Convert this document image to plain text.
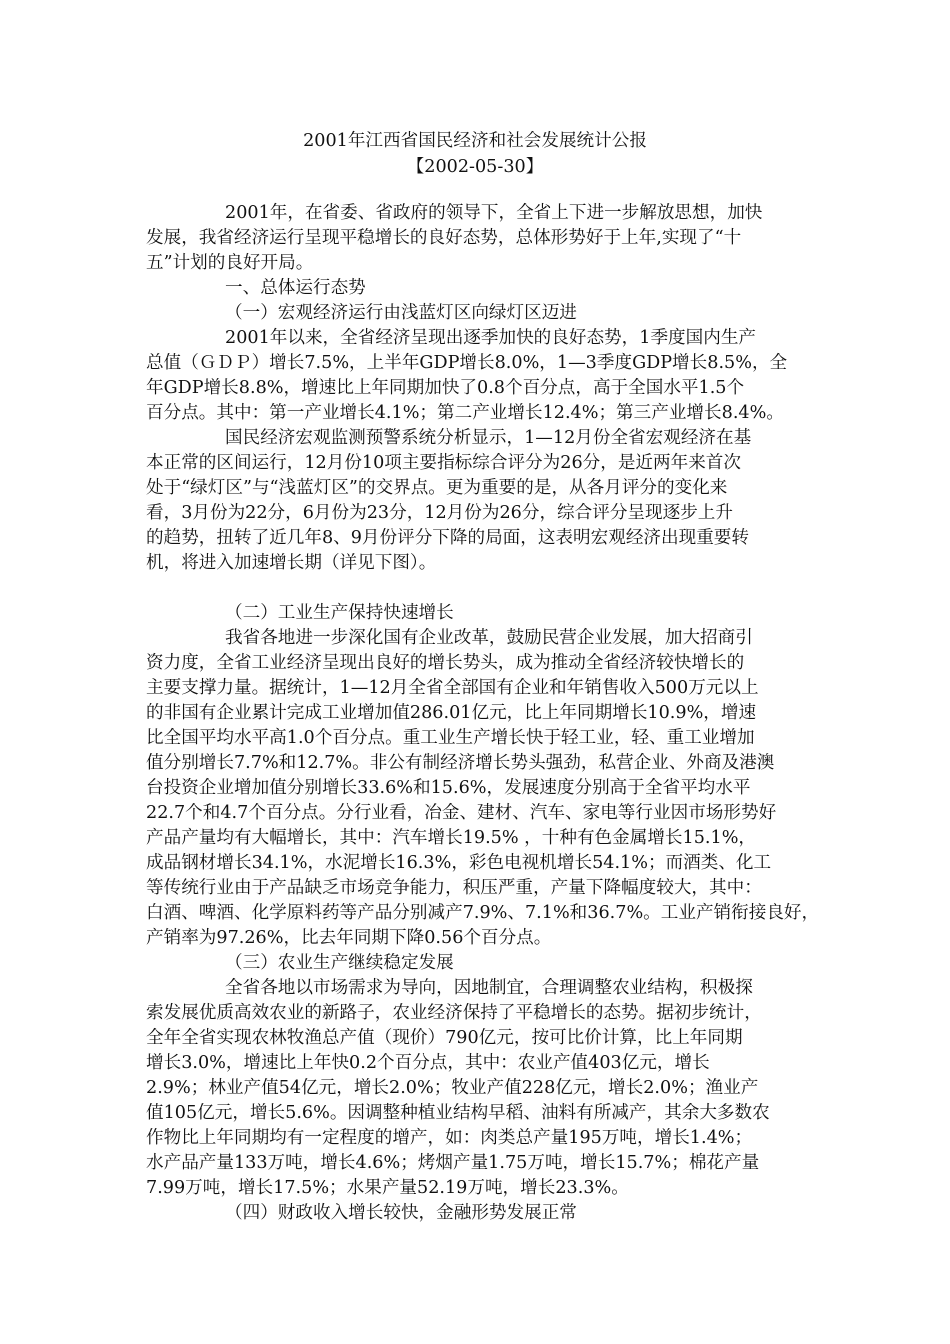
2001年江西省国民经济和社会发展统计公报
【2002-05-30】
2001年，在省委、省政府的领导下，全省上下进一步解放思想，加快
发展，我省经济运行呈现平稳增长的良好态势，总体形势好于上年,实现了“十
五”计划的良好开局。
一、总体运行态势
（一）宏观经济运行由浅蓝灯区向绿灯区迈进
2001年以来，全省经济呈现出逐季加快的良好态势，1季度国内生产
总值（ＧＤＰ）增长7.5%，上半年GDP增长8.0%，1—3季度GDP增长8.5%，全
年GDP增长8.8%，增速比上年同期加快了0.8个百分点，高于全国水平1.5个
百分点。其中：第一产业增长4.1%；第二产业增长12.4%；第三产业增长8.4%。
国民经济宏观监测预警系统分析显示，1—12月份全省宏观经济在基
本正常的区间运行，12月份10项主要指标综合评分为26分，是近两年来首次
处于“绿灯区”与“浅蓝灯区”的交界点。更为重要的是，从各月评分的变化来
看，3月份为22分，6月份为23分，12月份为26分，综合评分呈现逐步上升
的趋势，扭转了近几年8、9月份评分下降的局面，这表明宏观经济出现重要转
机，将进入加速增长期（详见下图）。
（二）工业生产保持快速增长
我省各地进一步深化国有企业改革，鼓励民营企业发展，加大招商引
资力度，全省工业经济呈现出良好的增长势头，成为推动全省经济较快增长的
主要支撑力量。据统计，1—12月全省全部国有企业和年销售收入500万元以上
的非国有企业累计完成工业增加值286.01亿元，比上年同期增长10.9%，增速
比全国平均水平高1.0个百分点。重工业生产增长快于轻工业，轻、重工业增加
值分别增长7.7%和12.7%。非公有制经济增长势头强劲，私营企业、外商及港澳
台投资企业增加值分别增长33.6%和15.6%，发展速度分别高于全省平均水平
22.7个和4.7个百分点。分行业看，冶金、建材、汽车、家电等行业因市场形势好
产品产量均有大幅增长，其中：汽车增长19.5% ，十种有色金属增长15.1%，
成品钢材增长34.1%，水泥增长16.3%，彩色电视机增长54.1%；而酒类、化工
等传统行业由于产品缺乏市场竞争能力，积压严重，产量下降幅度较大，其中：
白酒、啤酒、化学原料药等产品分别减产7.9%、7.1%和36.7%。工业产销衔接良好，
产销率为97.26%，比去年同期下降0.56个百分点。
（三）农业生产继续稳定发展
全省各地以市场需求为导向，因地制宜，合理调整农业结构，积极探
索发展优质高效农业的新路子，农业经济保持了平稳增长的态势。据初步统计，
全年全省实现农林牧渔总产值（现价）790亿元，按可比价计算，比上年同期
增长3.0%，增速比上年快0.2个百分点，其中：农业产值403亿元，增长
2.9%；林业产值54亿元，增长2.0%；牧业产值228亿元，增长2.0%；渔业产
值105亿元，增长5.6%。因调整种植业结构早稻、油料有所减产，其余大多数农
作物比上年同期均有一定程度的增产，如：肉类总产量195万吨，增长1.4%；
水产品产量133万吨，增长4.6%；烤烟产量1.75万吨，增长15.7%；棉花产量
7.99万吨，增长17.5%；水果产量52.19万吨，增长23.3%。
（四）财政收入增长较快，金融形势发展正常
